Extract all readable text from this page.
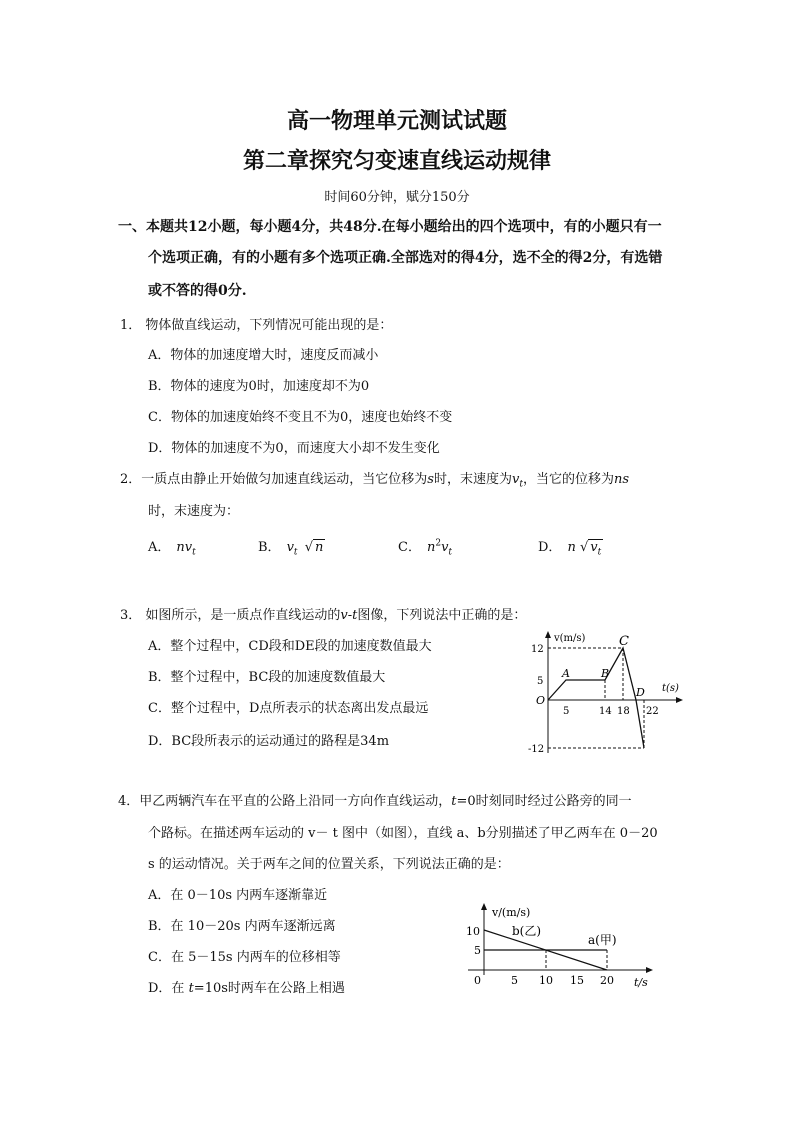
高一物理单元测试试题
第二章探究匀变速直线运动规律
时间60分钟，赋分150分
一、本题共12小题，每小题4分，共48分.在每小题给出的四个选项中，有的小题只有一
个选项正确，有的小题有多个选项正确.全部选对的得4分，选不全的得2分，有选错
或不答的得0分.
1． 物体做直线运动，下列情况可能出现的是：
A．物体的加速度增大时，速度反而减小
B．物体的速度为0时，加速度却不为0
C．物体的加速度始终不变且不为0，速度也始终不变
D．物体的加速度不为0，而速度大小却不发生变化
2．一质点由静止开始做匀加速直线运动，当它位移为s时，末速度为$v_t$，当它的位移为ns
时，末速度为：
A． $nv_t$	B． $v_t$ √ n	C． $n^2v_t$	D． n √ $v_t$
3． 如图所示，是一质点作直线运动的v-t图像，下列说法中正确的是：
A．整个过程中，CD段和DE段的加速度数值最大
B．整个过程中，BC段的加速度数值最大
C．整个过程中，D点所表示的状态离出发点最远
D．BC段所表示的运动通过的路程是34m
v(m/s)
t(s)
O
12
5
-12
5	14 18 22
A	B
C
D
4．甲乙两辆汽车在平直的公路上沿同一方向作直线运动，t=0时刻同时经过公路旁的同一
个路标。在描述两车运动的 v－ t 图中（如图），直线 a、b分别描述了甲乙两车在 0－20
s 的运动情况。关于两车之间的位置关系，下列说法正确的是：
A．在 0－10s 内两车逐渐靠近
B．在 10－20s 内两车逐渐远离
C．在 5－15s 内两车的位移相等
D．在 t=10s时两车在公路上相遇
v/(m/s)
t/s
10
5
0	5 10 15 20
b(乙)
a(甲)
